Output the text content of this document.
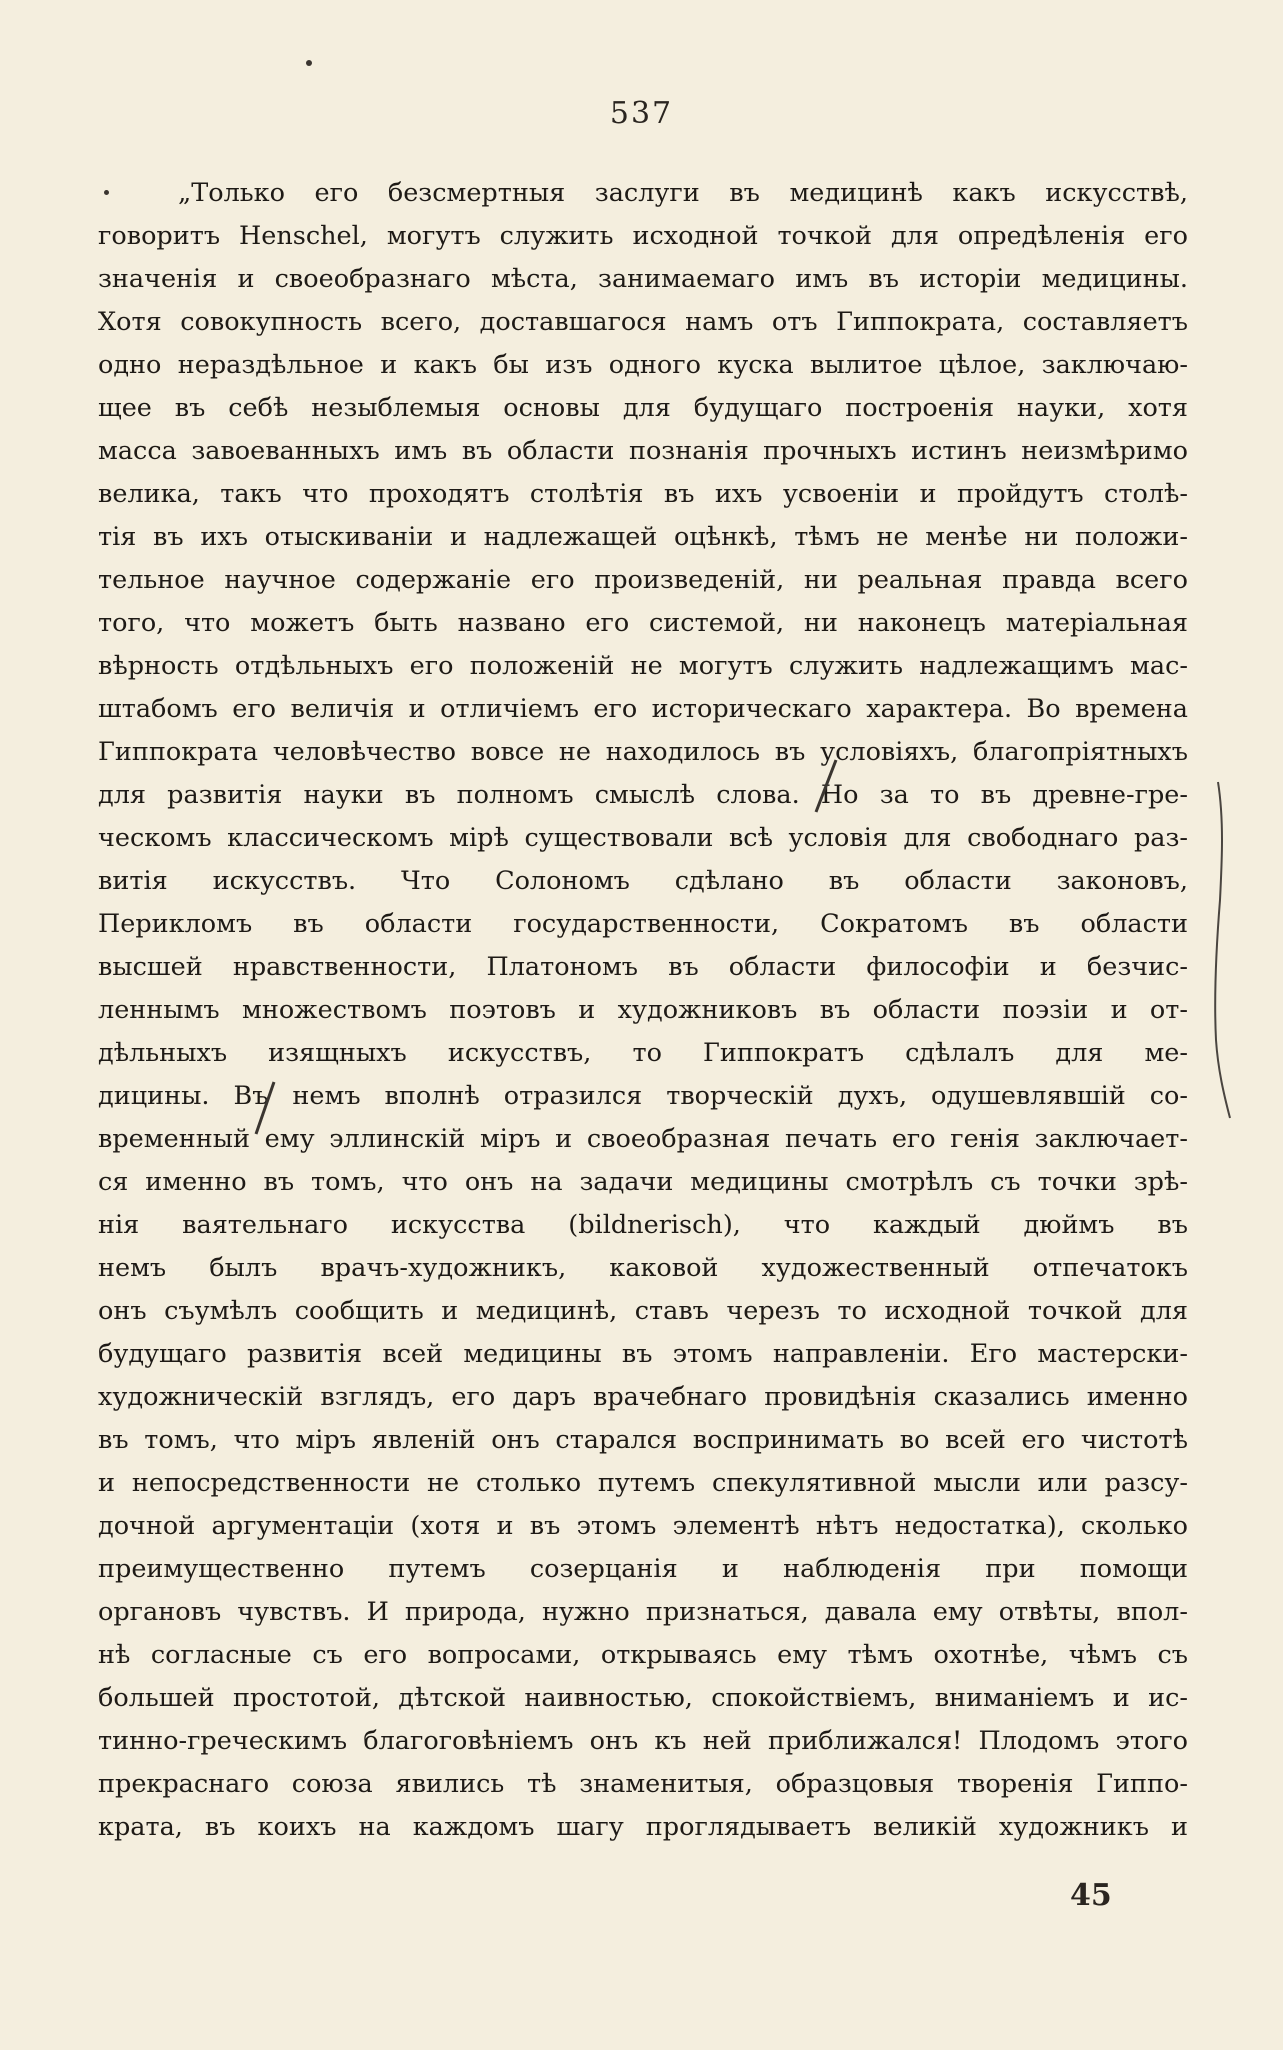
537
„Только его безсмертныя заслуги въ медицинѣ какъ искусствѣ,
говоритъ Henschel, могутъ служить исходной точкой для опредѣленія его
значенія и своеобразнаго мѣста, занимаемаго имъ въ исторіи медицины.
Хотя совокупность всего, доставшагося намъ отъ Гиппократа, составляетъ
одно нераздѣльное и какъ бы изъ одного куска вылитое цѣлое, заключаю-
щее въ себѣ незыблемыя основы для будущаго построенія науки, хотя
масса завоеванныхъ имъ въ области познанія прочныхъ истинъ неизмѣримо
велика, такъ что проходятъ столѣтія въ ихъ усвоеніи и пройдутъ столѣ-
тія въ ихъ отыскиваніи и надлежащей оцѣнкѣ, тѣмъ не менѣе ни положи-
тельное научное содержаніе его произведеній, ни реальная правда всего
того, что можетъ быть названо его системой, ни наконецъ матеріальная
вѣрность отдѣльныхъ его положеній не могутъ служить надлежащимъ мас-
штабомъ его величія и отличіемъ его историческаго характера. Во времена
Гиппократа человѣчество вовсе не находилось въ условіяхъ, благопріятныхъ
для развитія науки въ полномъ смыслѣ слова. Но за то въ древне-гре-
ческомъ классическомъ мірѣ существовали всѣ условія для свободнаго раз-
витія искусствъ. Что Солономъ сдѣлано въ области законовъ,
Перикломъ въ области государственности, Сократомъ въ области
высшей нравственности, Платономъ въ области философіи и безчис-
леннымъ множествомъ поэтовъ и художниковъ въ области поэзіи и от-
дѣльныхъ изящныхъ искусствъ, то Гиппократъ сдѣлалъ для ме-
дицины. Въ немъ вполнѣ отразился творческій духъ, одушевлявшій со-
временный ему эллинскій міръ и своеобразная печать его генія заключает-
ся именно въ томъ, что онъ на задачи медицины смотрѣлъ съ точки зрѣ-
нія ваятельнаго искусства (bildnerisch), что каждый дюймъ въ
немъ былъ врачъ-художникъ, каковой художественный отпечатокъ
онъ съумѣлъ сообщить и медицинѣ, ставъ черезъ то исходной точкой для
будущаго развитія всей медицины въ этомъ направленіи. Его мастерски-
художническій взглядъ, его даръ врачебнаго провидѣнія сказались именно
въ томъ, что міръ явленій онъ старался воспринимать во всей его чистотѣ
и непосредственности не столько путемъ спекулятивной мысли или разсу-
дочной аргументаціи (хотя и въ этомъ элементѣ нѣтъ недостатка), сколько
преимущественно путемъ созерцанія и наблюденія при помощи
органовъ чувствъ. И природа, нужно признаться, давала ему отвѣты, впол-
нѣ согласные съ его вопросами, открываясь ему тѣмъ охотнѣе, чѣмъ съ
большей простотой, дѣтской наивностью, спокойствіемъ, вниманіемъ и ис-
тинно-греческимъ благоговѣніемъ онъ къ ней приближался! Плодомъ этого
прекраснаго союза явились тѣ знаменитыя, образцовыя творенія Гиппо-
крата, въ коихъ на каждомъ шагу проглядываетъ великій художникъ и
45
